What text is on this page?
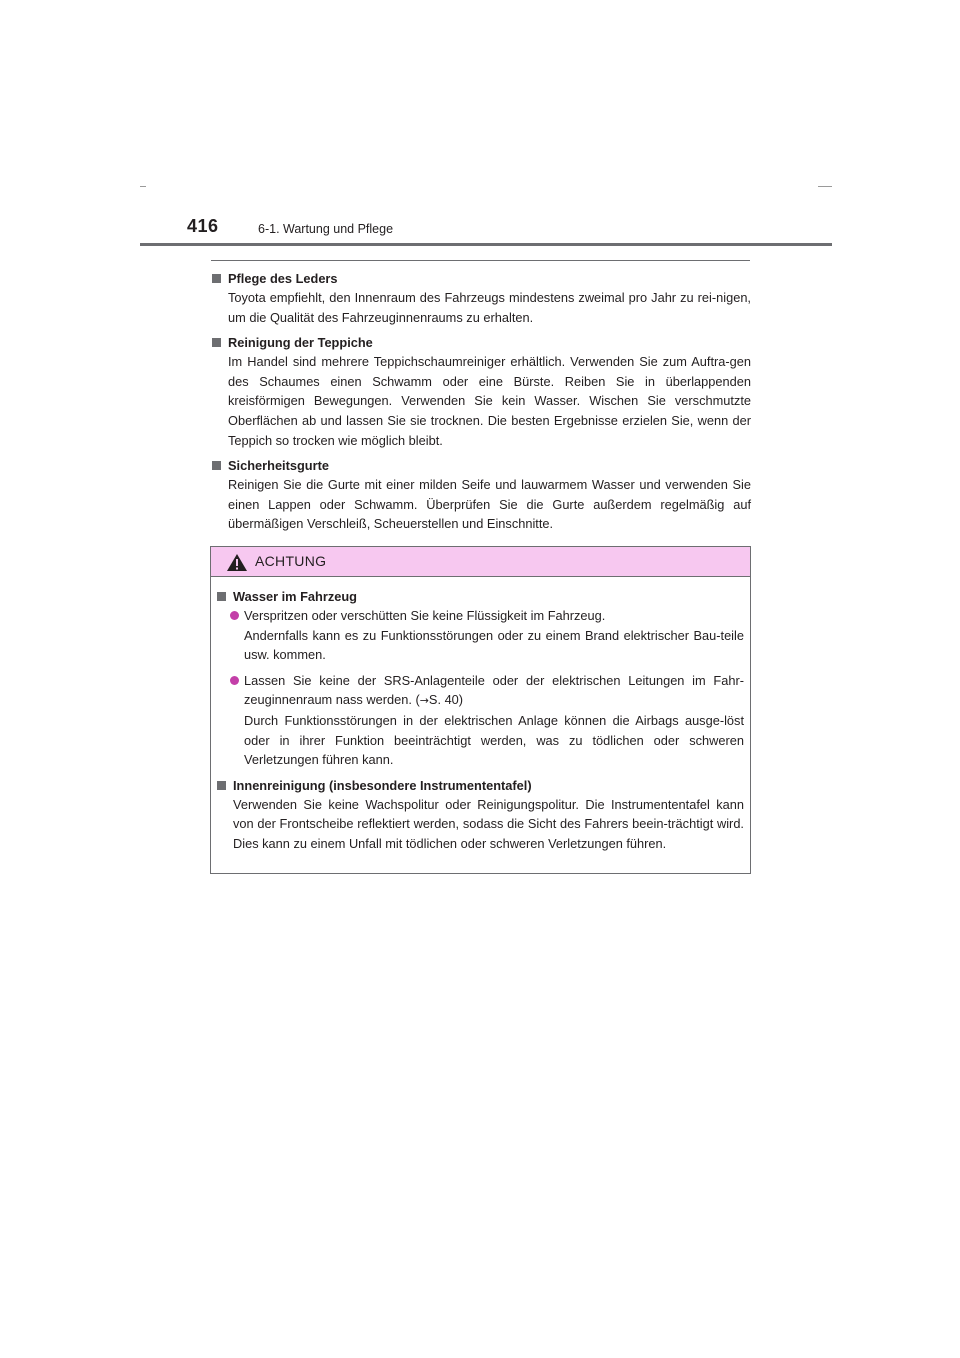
416	6-1. Wartung und Pflege
Pflege des Leders
Toyota empfiehlt, den Innenraum des Fahrzeugs mindestens zweimal pro Jahr zu rei-nigen, um die Qualität des Fahrzeuginnenraums zu erhalten.
Reinigung der Teppiche
Im Handel sind mehrere Teppichschaumreiniger erhältlich. Verwenden Sie zum Auftra-gen des Schaumes einen Schwamm oder eine Bürste. Reiben Sie in überlappenden kreisförmigen Bewegungen. Verwenden Sie kein Wasser. Wischen Sie verschmutzte Oberflächen ab und lassen Sie sie trocknen. Die besten Ergebnisse erzielen Sie, wenn der Teppich so trocken wie möglich bleibt.
Sicherheitsgurte
Reinigen Sie die Gurte mit einer milden Seife und lauwarmem Wasser und verwenden Sie einen Lappen oder Schwamm. Überprüfen Sie die Gurte außerdem regelmäßig auf übermäßigen Verschleiß, Scheuerstellen und Einschnitte.
ACHTUNG
Wasser im Fahrzeug
Verspritzen oder verschütten Sie keine Flüssigkeit im Fahrzeug.
Andernfalls kann es zu Funktionsstörungen oder zu einem Brand elektrischer Bau-teile usw. kommen.
Lassen Sie keine der SRS-Anlagenteile oder der elektrischen Leitungen im Fahr-zeuginnenraum nass werden. (→S. 40)
Durch Funktionsstörungen in der elektrischen Anlage können die Airbags ausge-löst oder in ihrer Funktion beeinträchtigt werden, was zu tödlichen oder schweren Verletzungen führen kann.
Innenreinigung (insbesondere Instrumententafel)
Verwenden Sie keine Wachspolitur oder Reinigungspolitur. Die Instrumententafel kann von der Frontscheibe reflektiert werden, sodass die Sicht des Fahrers beein-trächtigt wird. Dies kann zu einem Unfall mit tödlichen oder schweren Verletzungen führen.
